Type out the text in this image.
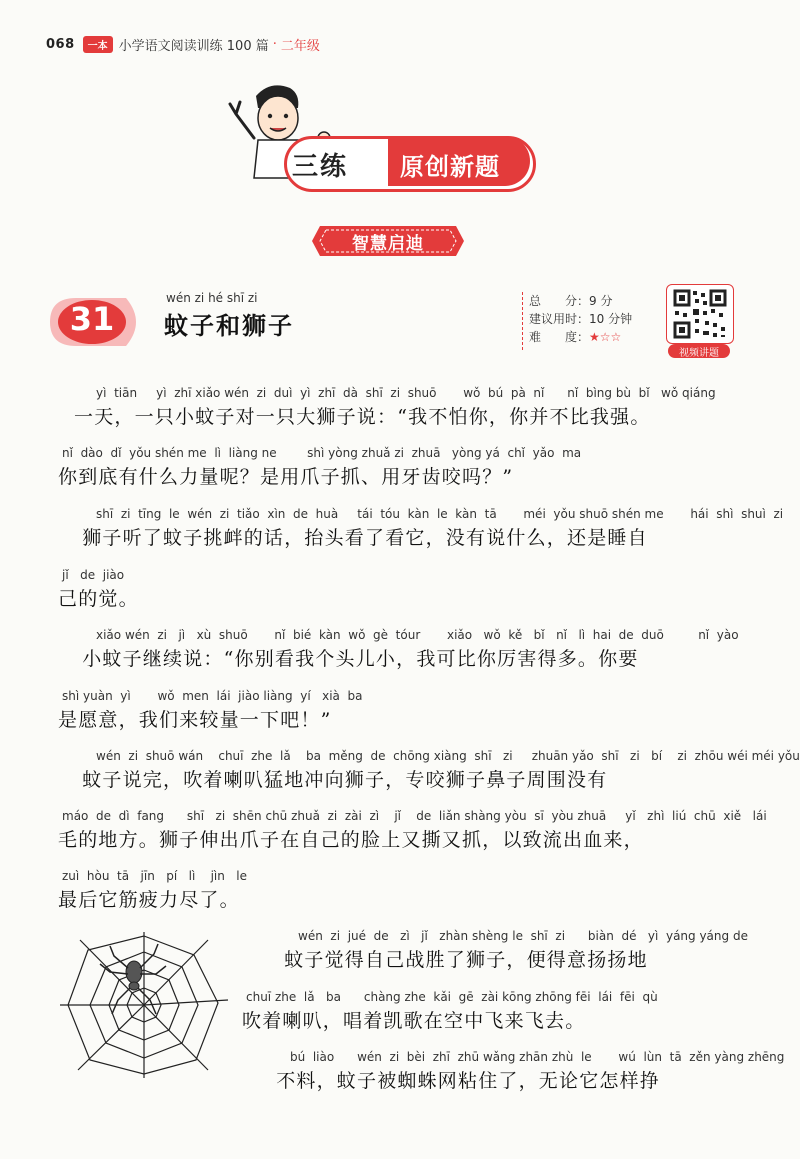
068	一本 小学语文阅读训练 100 篇 · 二年级
三练 原创新题
智慧启迪
31
wén zi hé shī zi
蚊子和狮子
总　　分：9 分
建议用时：10 分钟
难　　度：★☆☆
视频讲题
yì  tiān     yì  zhī xiǎo wén  zi  duì  yì  zhī  dà  shī  zi  shuō       wǒ  bú  pà  nǐ      nǐ  bìng bù  bǐ   wǒ qiáng
一天，一只小蚊子对一只大狮子说：“我不怕你，你并不比我强。
nǐ  dào  dǐ  yǒu shén me  lì  liàng ne        shì yòng zhuǎ zi  zhuā   yòng yá  chǐ  yǎo  ma
你到底有什么力量呢？是用爪子抓、用牙齿咬吗？”
shī  zi  tīng  le  wén  zi  tiǎo  xìn  de  huà     tái  tóu  kàn  le  kàn  tā       méi  yǒu shuō shén me       hái  shì  shuì  zi
　狮子听了蚊子挑衅的话，抬头看了看它，没有说什么，还是睡自
jǐ   de  jiào
己的觉。
xiǎo wén  zi   jì   xù  shuō       nǐ  bié  kàn  wǒ  gè  tóur       xiǎo   wǒ  kě   bǐ   nǐ   lì  hai  de  duō         nǐ  yào
　小蚊子继续说：“你别看我个头儿小，我可比你厉害得多。你要
shì yuàn  yì       wǒ  men  lái  jiào liàng  yí   xià  ba
是愿意，我们来较量一下吧！”
wén  zi  shuō wán    chuī  zhe  lǎ    ba  měng  de  chōng xiàng  shī   zi     zhuān yǎo  shī   zi   bí    zi  zhōu wéi méi yǒu
　蚊子说完，吹着喇叭猛地冲向狮子，专咬狮子鼻子周围没有
máo  de  dì  fang      shī   zi  shēn chū zhuǎ  zi  zài  zì    jǐ    de  liǎn shàng yòu  sī  yòu zhuā     yǐ   zhì  liú  chū  xiě   lái
毛的地方。狮子伸出爪子在自己的脸上又撕又抓，以致流出血来，
zuì  hòu  tā   jīn   pí   lì    jìn   le
最后它筋疲力尽了。
wén  zi  jué  de   zì   jǐ   zhàn shèng le  shī  zi      biàn  dé   yì  yáng yáng de
　蚊子觉得自己战胜了狮子，便得意扬扬地
chuī zhe  lǎ   ba      chàng zhe  kǎi  gē  zài kōng zhōng fēi  lái  fēi  qù
吹着喇叭，唱着凯歌在空中飞来飞去。
bú  liào      wén  zi  bèi  zhī  zhū wǎng zhān zhù  le       wú  lùn  tā  zěn yàng zhēng
　不料，蚊子被蜘蛛网粘住了，无论它怎样挣
